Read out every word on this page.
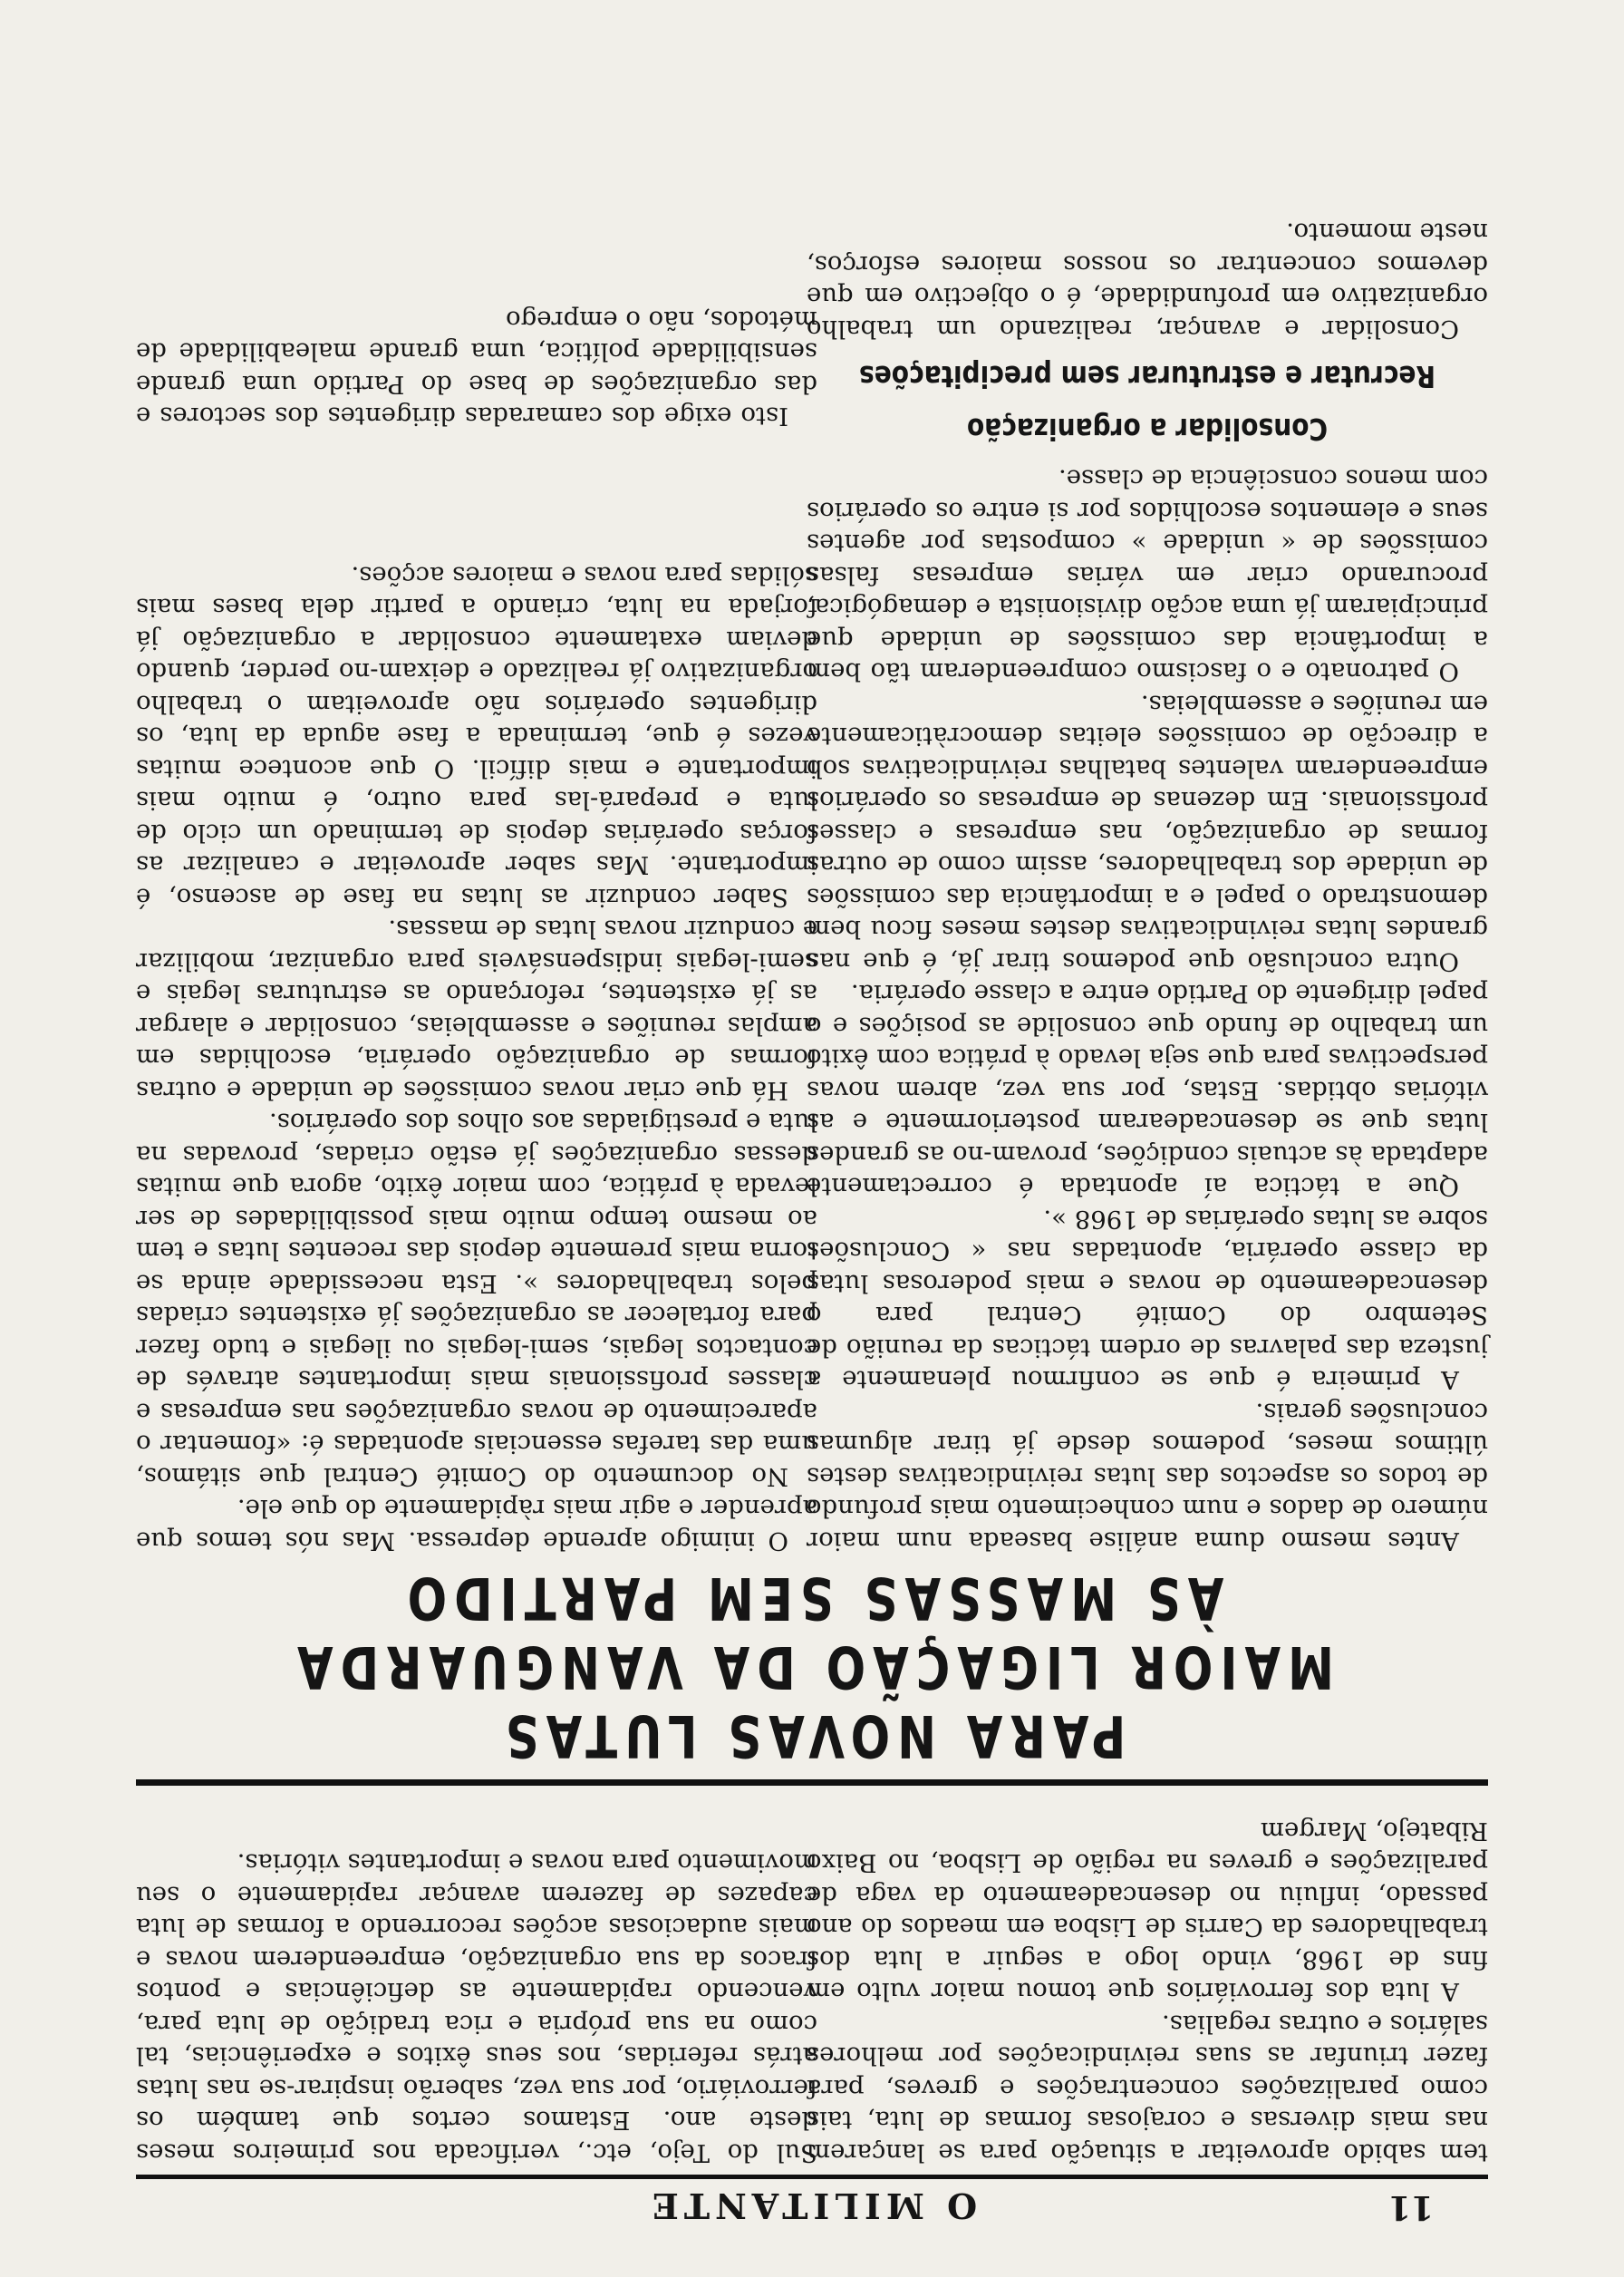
11
O MILITANTE

tem sabido aproveitar a situação para se lançarem nas mais diversas e corajosas formas de luta, tais como paralizações concentrações e greves, para fazer triunfar as suas reivindicações por melhores salários e outras regalias.

A luta dos ferroviários que tomou maior vulto em fins de 1968, vindo logo a seguir a luta dos trabalhadores da Carris de Lisboa em meados do ano passado, influiu no desencadeamento da vaga de paralizações e greves na região de Lisboa, no Baixo Ribatejo, Margem

Sul do Tejo, etc., verificada nos primeiros meses deste ano. Estamos certos que também os ferroviário, por sua vez, saberão inspirar-se nas lutas atrás referidas, nos seus êxitos e experiências, tal como na sua própria e rica tradição de luta para, vencendo rapidamente as deficiências e pontos fracos da sua organização, empreenderem novas e mais audaciosas acções recorrendo a formas de luta capazes de fazerem avançar rapidamente o seu movimento para novas e importantes vitórias.

PARA NOVAS LUTAS
MAIOR LIGAÇÃO DA VANGUARDA
ÀS MASSAS SEM PARTIDO

Antes mesmo duma análise baseada num maior número de dados e num conhecimento mais profundo de todos os aspectos das lutas reivindicativas destes últimos meses, podemos desde já tirar algumas conclusões gerais.

A primeira é que se confirmou plenamente a justeza das palavras de ordem tácticas da reunião de Setembro do Comité Central para o desencadeamento de novas e mais poderosas lutas da classe operária, apontadas nas « Conclusões sobre as lutas operárias de 1968 ».

Que a táctica aí apontada é correctamente adaptada às actuais condições, provam-no as grandes lutas que se desencadearam posteriormente e as vitórias obtidas. Estas, por sua vez, abrem novas perspectivas para que seja levado à prática com êxito um trabalho de fundo que consolide as posições e o papel dirigente do Partido entre a classe operária.

Outra conclusão que podemos tirar já, é que nas grandes lutas reivindicativas destes meses ficou bem demonstrado o papel e a importância das comissões de unidade dos trabalhadores, assim como de outras formas de organização, nas empresas e classes profissionais. Em dezenas de empresas os operários empreenderam valentes batalhas reivindicativas sob a direcção de comissões eleitas democràticamente em reuniões e assembleias.

O patronato e o fascismo compreenderam tão bem a importância das comissões de unidade que principiaram já uma acção divisionista e demagógica, procurando criar em várias empresas falsas comissões de « unidade » compostas por agentes seus e elementos escolhidos por si entre os operários com menos consciência de classe.

Consolidar a organização
Recrutar e estruturar sem precipitações

Consolidar e avançar, realizando um trabalho organizativo em profundidade, é o objectivo em que devemos concentrar os nossos maiores esforços, neste momento.

O inimigo aprende depressa. Mas nós temos que aprender e agir mais ràpidamente do que ele.

No documento do Comité Central que sitámos, uma das tarefas essenciais apontadas é: «fomentar o aparecimento de novas organizações nas empresas e classes profissionais mais importantes através de contactos legais, semi-legais ou ilegais e tudo fazer para fortalecer as organizações já existentes criadas pelos trabalhadores ». Esta necessidade ainda se torna mais premente depois das recentes lutas e tem ao mesmo tempo muito mais possibilidades de ser levada à prática, com maior êxito, agora que muitas dessas organizações já estão criadas, provadas na luta e prestigiadas aos olhos dos operários.

Há que criar novas comissões de unidade e outras formas de organização operária, escolhidas em amplas reuniões e assembleias, consolidar e alargar as já existentes, reforçando as estruturas legais e semi-legais indispensáveis para organizar, mobilizar e conduzir novas lutas de massas.

Saber conduzir as lutas na fase de ascenso, é importante. Mas saber aproveitar e canalizar as forças operárias depois de terminado um ciclo de luta e prepará-las para outro, é muito mais importante e mais difícil. O que acontece muitas vezes é que, terminada a fase aguda da luta, os dirigentes operários não aproveitam o trabalho organizativo já realizado e deixam-no perder, quando deviam exatamente consolidar a organização já forjada na luta, criando a partir dela bases mais sólidas para novas e maiores acções.

Isto exige dos camaradas dirigentes dos sectores e das organizações de base do Partido uma grande sensibilidade política, uma grande maleabilidade de métodos, não o emprego
